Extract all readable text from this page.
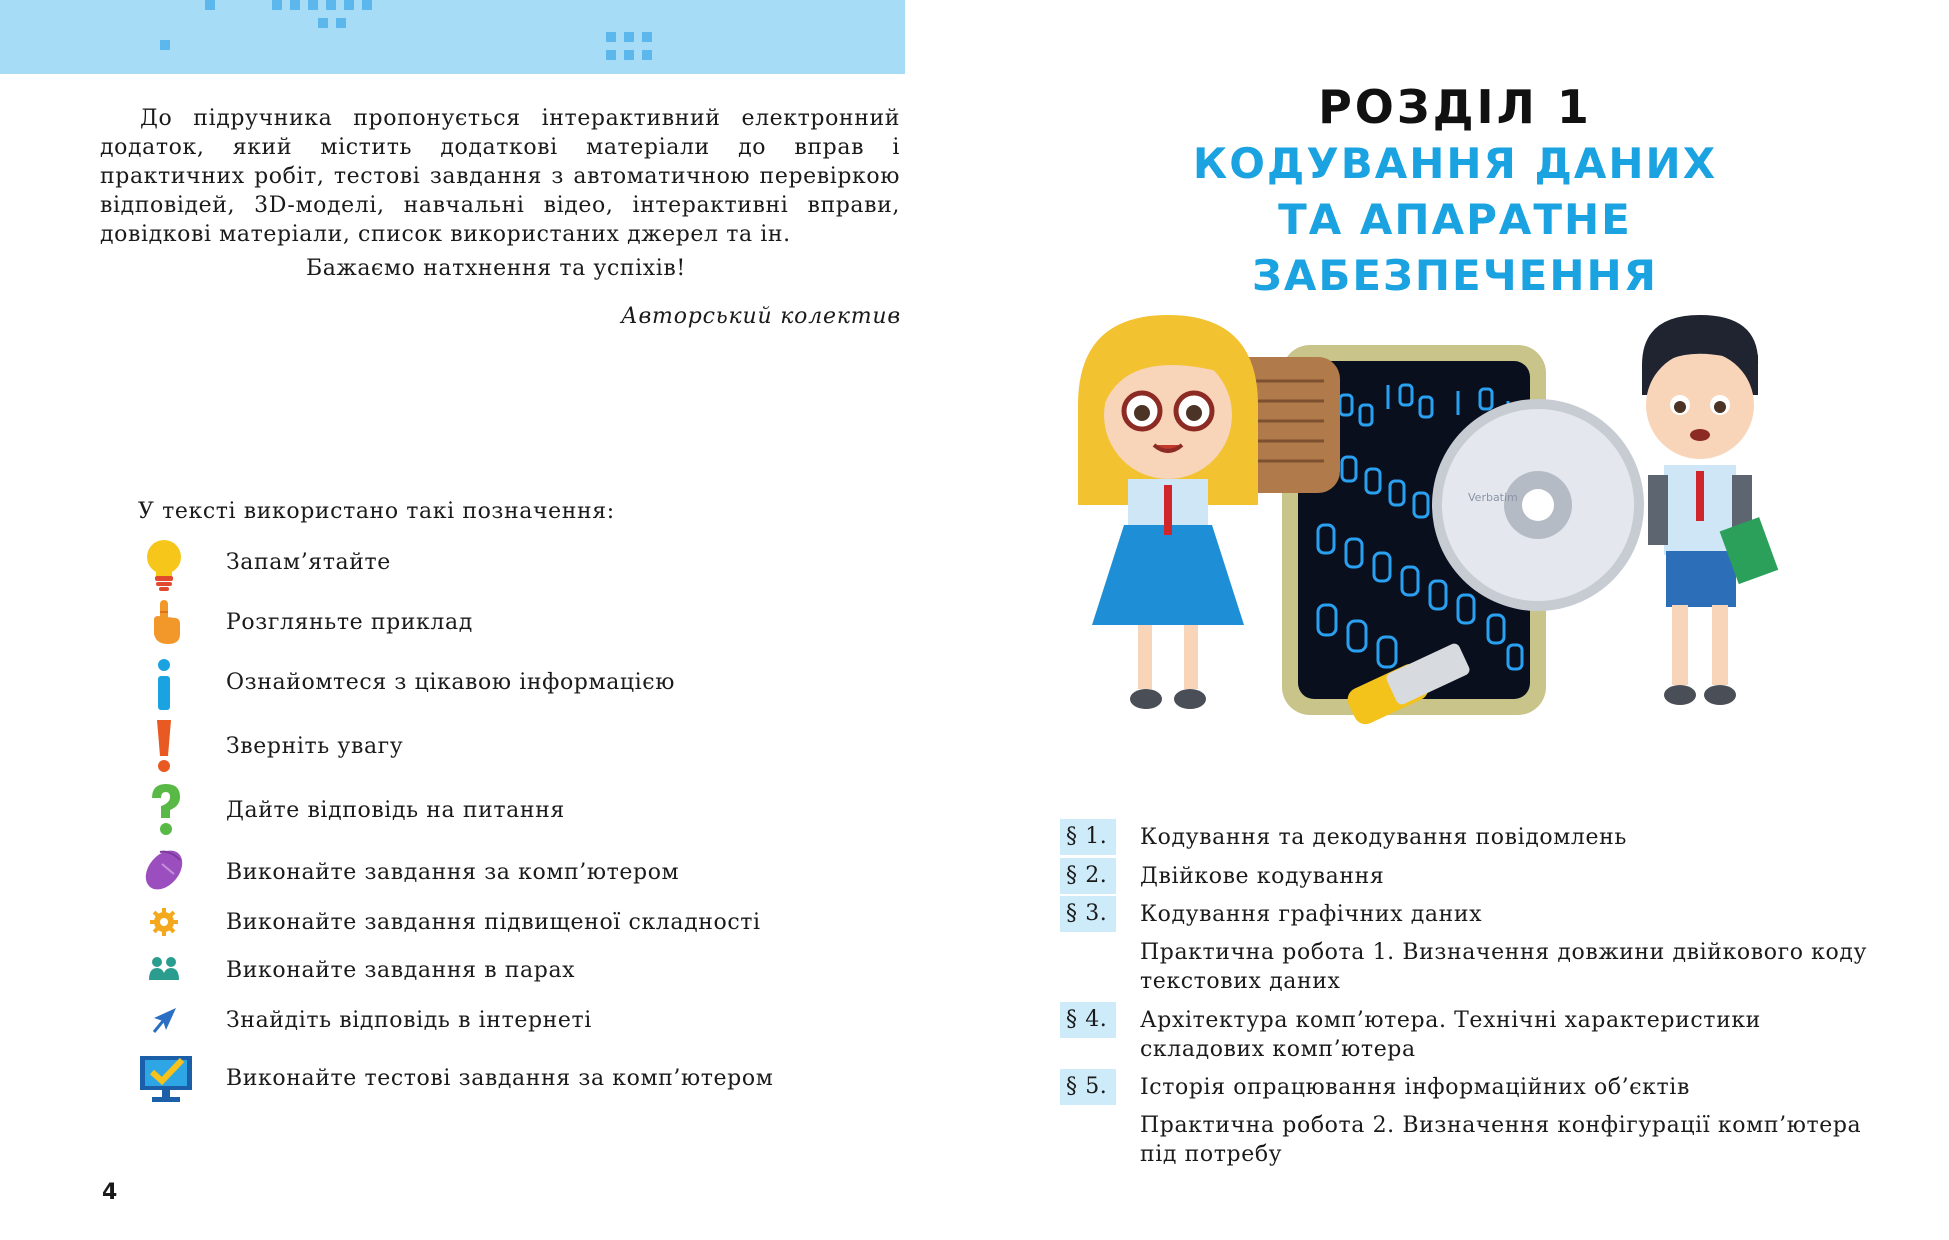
До підручника пропонується інтерактивний електронний додаток, який містить додаткові матеріали до вправ і практичних робіт, тестові завдання з автоматичною перевіркою відповідей, 3D-моделі, навчальні відео, інтерактивні вправи, довідкові матеріали, список використаних джерел та ін.

Бажаємо натхнення та успіхів!
Авторський колектив
У тексті використано такі позначення:
Запам’ятайте
Розгляньте приклад
Ознайомтеся з цікавою інформацією
Зверніть увагу
Дайте відповідь на питання
Виконайте завдання за комп’ютером
Виконайте завдання підвищеної складності
Виконайте завдання в парах
Знайдіть відповідь в інтернеті
Виконайте тестові завдання за комп’ютером
4
РОЗДІЛ 1
КОДУВАННЯ ДАНИХ
ТА АПАРАТНЕ ЗАБЕЗПЕЧЕННЯ
Verbatim
§ 1.	Кодування та декодування повідомлень
§ 2.	Двійкове кодування
§ 3.	Кодування графічних даних
Практична робота 1. Визначення довжини двійкового коду текстових даних
§ 4.	Архітектура комп’ютера. Технічні характеристики складових комп’ютера
§ 5.	Історія опрацювання інформаційних об’єктів
Практична робота 2. Визначення конфігурації комп’ютера під потребу
